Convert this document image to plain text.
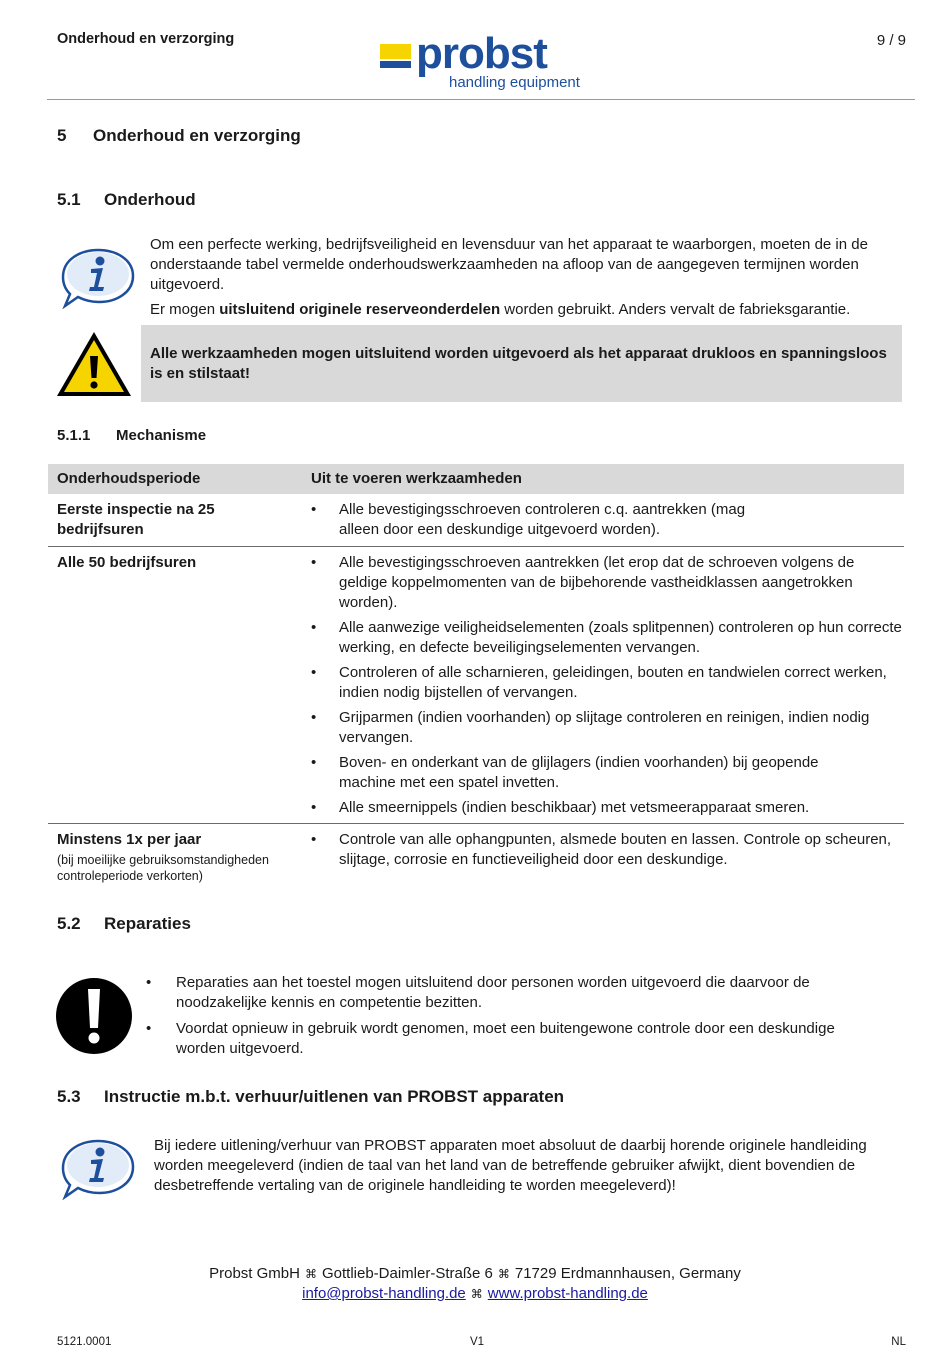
Onderhoud en verzorging	probst
handling equipment
9 / 9
5 Onderhoud en verzorging
5.1 Onderhoud
Om een perfecte werking, bedrijfsveiligheid en levensduur van het apparaat te waarborgen, moeten de in de onderstaande tabel vermelde onderhoudswerkzaamheden na afloop van de aangegeven termijnen worden uitgevoerd.
Er mogen uitsluitend originele reserveonderdelen worden gebruikt. Anders vervalt de fabrieksgarantie.
Alle werkzaamheden mogen uitsluitend worden uitgevoerd als het apparaat drukloos en spanningsloos is en stilstaat!
5.1.1 Mechanisme
Onderhoudsperiode	Uit te voeren werkzaamheden
Eerste inspectie na 25 bedrijfsuren
• Alle bevestigingsschroeven controleren c.q. aantrekken (mag alleen door een deskundige uitgevoerd worden).
Alle 50 bedrijfsuren
•	Alle bevestigingsschroeven aantrekken (let erop dat de schroeven volgens de geldige koppelmomenten van de bijbehorende vastheidklassen aangetrokken worden).
• Alle aanwezige veiligheidselementen (zoals splitpennen) controleren op hun correcte werking, en defecte beveiligingselementen vervangen.
• Controleren of alle scharnieren, geleidingen, bouten en tandwielen correct werken, indien nodig bijstellen of vervangen.
• Grijparmen (indien voorhanden) op slijtage controleren en reinigen, indien nodig vervangen.
• Boven- en onderkant van de glijlagers (indien voorhanden) bij geopende machine met een spatel invetten.
• Alle smeernippels (indien beschikbaar) met vetsmeerapparaat smeren.
Minstens 1x per jaar
(bij moeilijke gebruiksomstandigheden controleperiode verkorten)
• Controle van alle ophangpunten, alsmede bouten en lassen. Controle op scheuren, slijtage, corrosie en functieveiligheid door een deskundige.
5.2 Reparaties
• Reparaties aan het toestel mogen uitsluitend door personen worden uitgevoerd die daarvoor de noodzakelijke kennis en competentie bezitten.
• Voordat opnieuw in gebruik wordt genomen, moet een buitengewone controle door een deskundige worden uitgevoerd.
5.3 Instructie m.b.t. verhuur/uitlenen van PROBST apparaten
Bij iedere uitlening/verhuur van PROBST apparaten moet absoluut de daarbij horende originele handleiding worden meegeleverd (indien de taal van het land van de betreffende gebruiker afwijkt, dient bovendien de desbetreffende vertaling van de originele handleiding te worden meegeleverd)!
Probst GmbH ⌘ Gottlieb-Daimler-Straße 6 ⌘ 71729 Erdmannhausen, Germany
info@probst-handling.de ⌘ www.probst-handling.de
5121.0001	V1	NL
